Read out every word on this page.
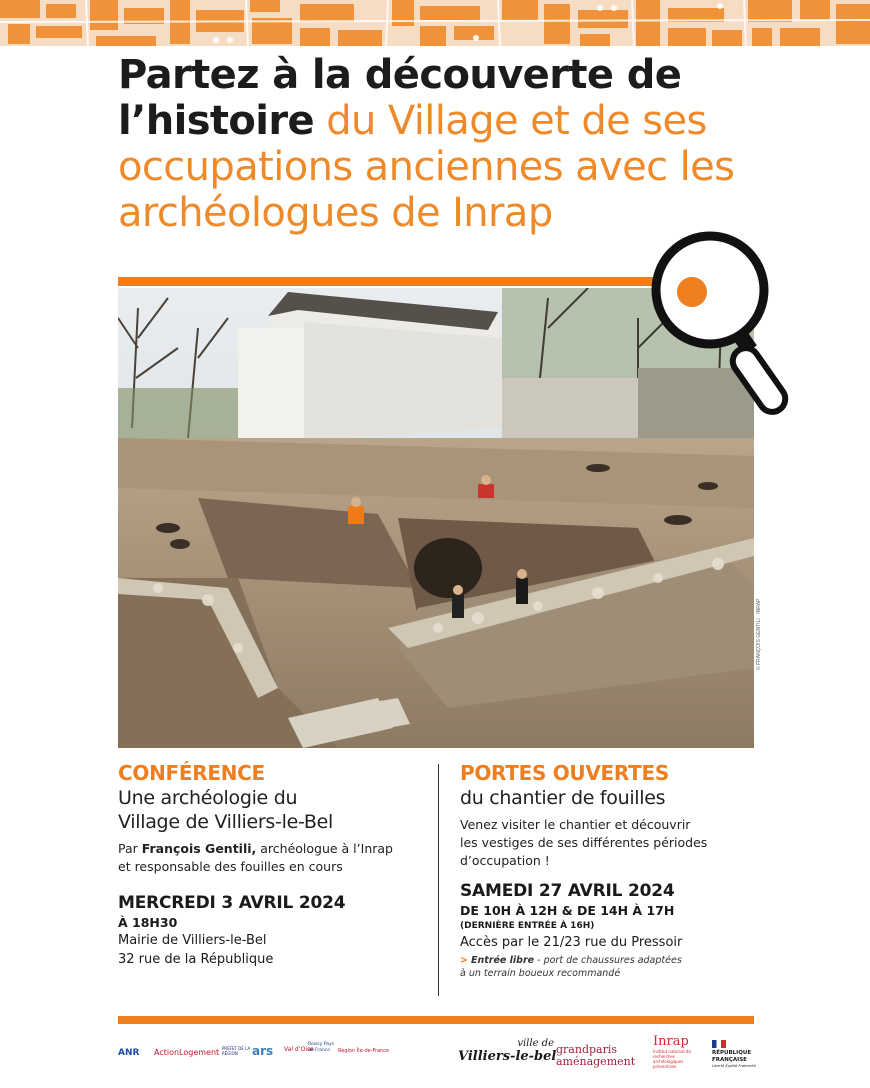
Partez à la découverte de l’histoire du Village et de ses occupations anciennes avec les archéologues de Inrap
© FRANÇOIS GENTILI · INRAP
CONFÉRENCE
Une archéologie du
Village de Villiers-le-Bel
Par François Gentili, archéologue à l’Inrap
et responsable des fouilles en cours
MERCREDI 3 AVRIL 2024
À 18H30
Mairie de Villiers-le-Bel
32 rue de la République
PORTES OUVERTES
du chantier de fouilles
Venez visiter le chantier et découvrir
les vestiges de ses différentes périodes
d’occupation !
SAMEDI 27 AVRIL 2024
DE 10H À 12H & DE 14H À 17H
(DERNIÈRE ENTRÉE À 16H)
Accès par le 21/23 rue du Pressoir
> Entrée libre - port de chaussures adaptées
à un terrain boueux recommandé
ANR ActionLogement PRÉFET DE LA RÉGION	ars Val d’Oise
Roissy Pays de France	Région Île-de-France
ville de
Villiers-le-bel grandparis
aménagement
Inrap
Institut national de recherches archéologiques préventives
RÉPUBLIQUE
FRANÇAISE
Liberté Égalité Fraternité
